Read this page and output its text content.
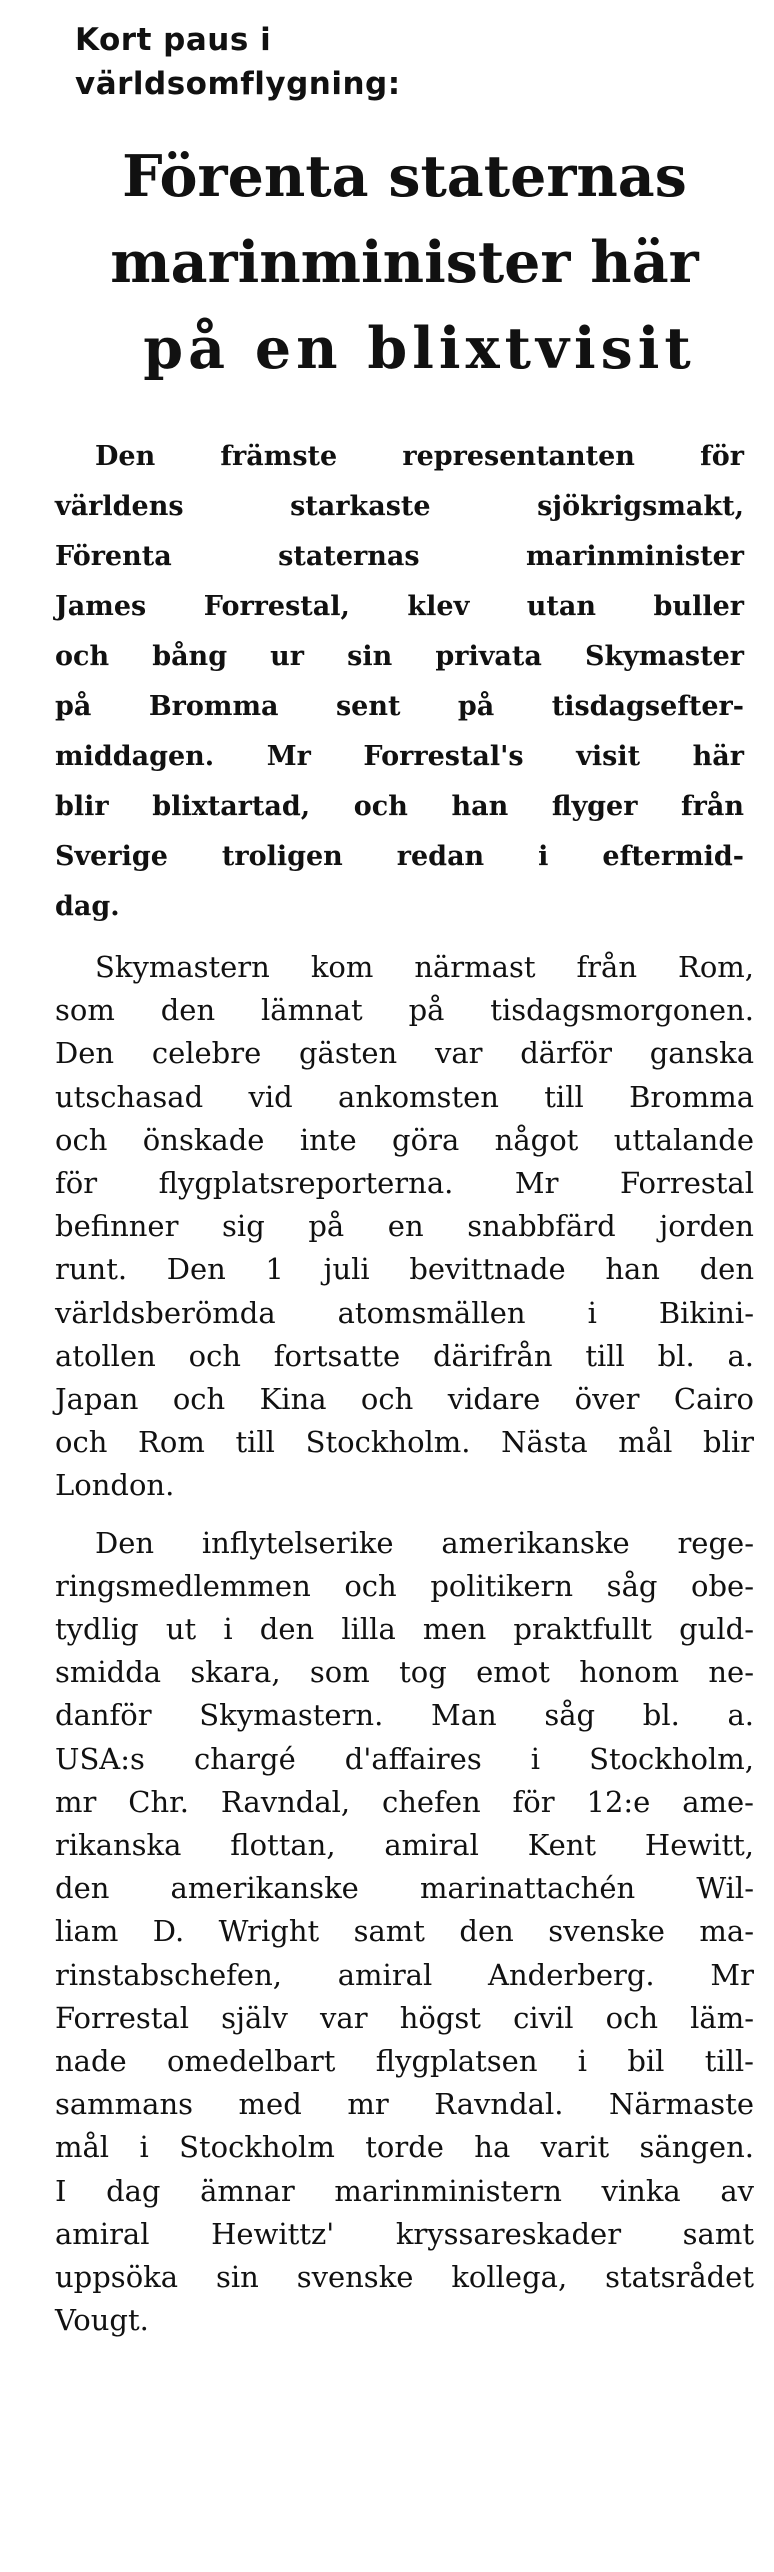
Kort paus i
världsomflygning:
Förenta staternas
marinminister här
på en blixtvisit
Den främste representanten för
världens starkaste sjökrigsmakt,
Förenta staternas marinminister
James Forrestal, klev utan buller
och bång ur sin privata Skymaster
på Bromma sent på tisdagsefter-
middagen. Mr Forrestal's visit här
blir blixtartad, och han flyger från
Sverige troligen redan i eftermid-
dag.
Skymastern kom närmast från Rom,
som den lämnat på tisdagsmorgonen.
Den celebre gästen var därför ganska
utschasad vid ankomsten till Bromma
och önskade inte göra något uttalande
för flygplatsreporterna. Mr Forrestal
befinner sig på en snabbfärd jorden
runt. Den 1 juli bevittnade han den
världsberömda atomsmällen i Bikini-
atollen och fortsatte därifrån till bl. a.
Japan och Kina och vidare över Cairo
och Rom till Stockholm. Nästa mål blir
London.
Den inflytelserike amerikanske rege-
ringsmedlemmen och politikern såg obe-
tydlig ut i den lilla men praktfullt guld-
smidda skara, som tog emot honom ne-
danför Skymastern. Man såg bl. a.
USA:s chargé d'affaires i Stockholm,
mr Chr. Ravndal, chefen för 12:e ame-
rikanska flottan, amiral Kent Hewitt,
den amerikanske marinattachén Wil-
liam D. Wright samt den svenske ma-
rinstabschefen, amiral Anderberg. Mr
Forrestal själv var högst civil och läm-
nade omedelbart flygplatsen i bil till-
sammans med mr Ravndal. Närmaste
mål i Stockholm torde ha varit sängen.
I dag ämnar marinministern vinka av
amiral Hewittz' kryssareskader samt
uppsöka sin svenske kollega, statsrådet
Vougt.
